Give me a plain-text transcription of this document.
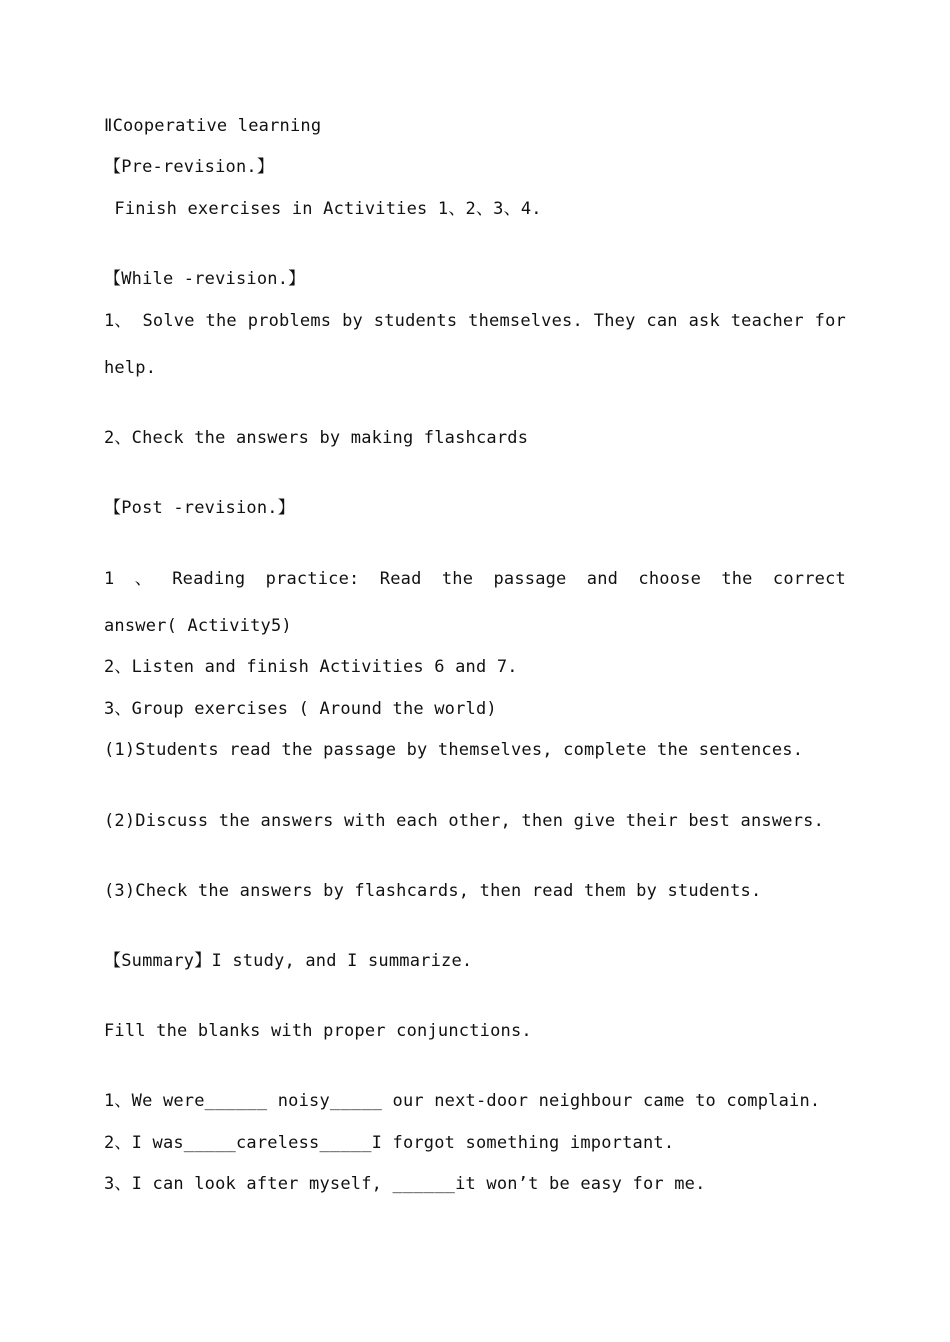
ⅡCooperative learning
【Pre-revision.】
Finish exercises in Activities 1、2、3、4.
【While -revision.】
1、 Solve the problems by students themselves. They can ask teacher for
help.
2、Check the answers by making flashcards
【Post -revision.】
1 、 Reading practice: Read the passage and choose the correct
answer( Activity5)
2、Listen and finish Activities 6 and 7.
3、Group exercises ( Around the world)
(1)Students read the passage by themselves, complete the sentences.
(2)Discuss the answers with each other, then give their best answers.
(3)Check the answers by flashcards, then read them by students.
【Summary】I study, and I summarize.
Fill the blanks with proper conjunctions.
1、We were______ noisy_____ our next-door neighbour came to complain.
2、I was_____careless_____I forgot something important.
3、I can look after myself, ______it won’t be easy for me.
